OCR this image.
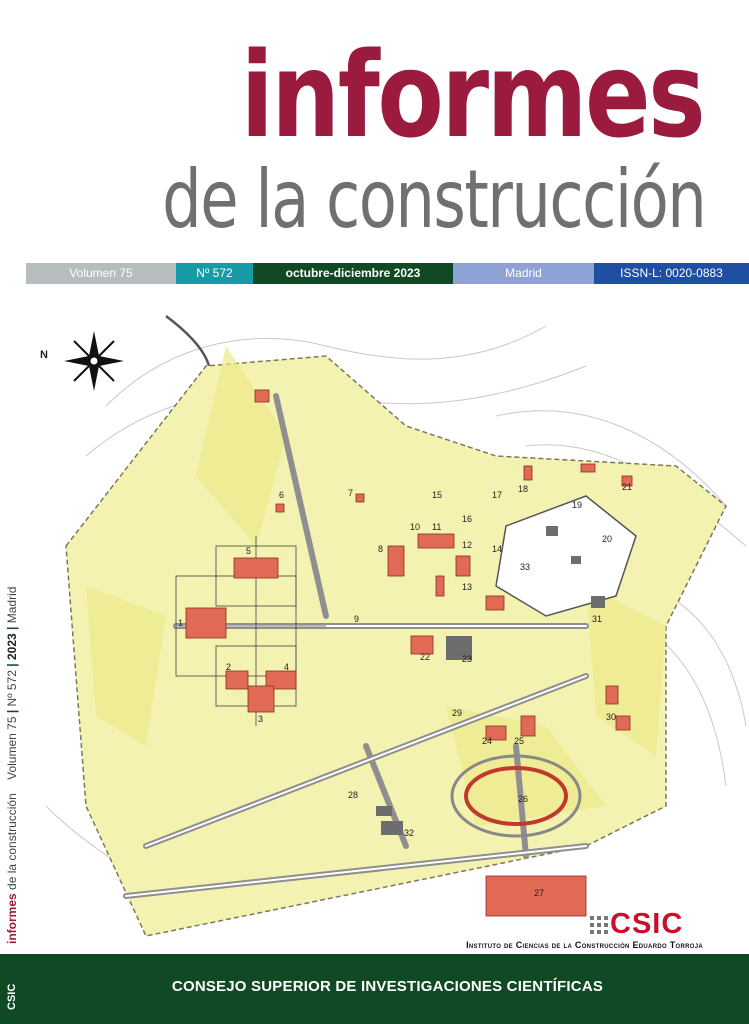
informes
de la construcción
Volumen 75	Nº 572	octubre-diciembre 2023	Madrid	ISSN-L: 0020-0883
N
1
2
3
4
5
6	7
8
9
10 11
12
13
14
15
16
17
18
19
20
21
22	23
24 25
26
27
28
29	30
31
32
33
informes de la construcción    Volumen 75 | Nº 572 | 2023 | Madrid
CSIC
Instituto de Ciencias de la Construcción Eduardo Torroja
CSIC	CONSEJO SUPERIOR DE INVESTIGACIONES CIENTÍFICAS
